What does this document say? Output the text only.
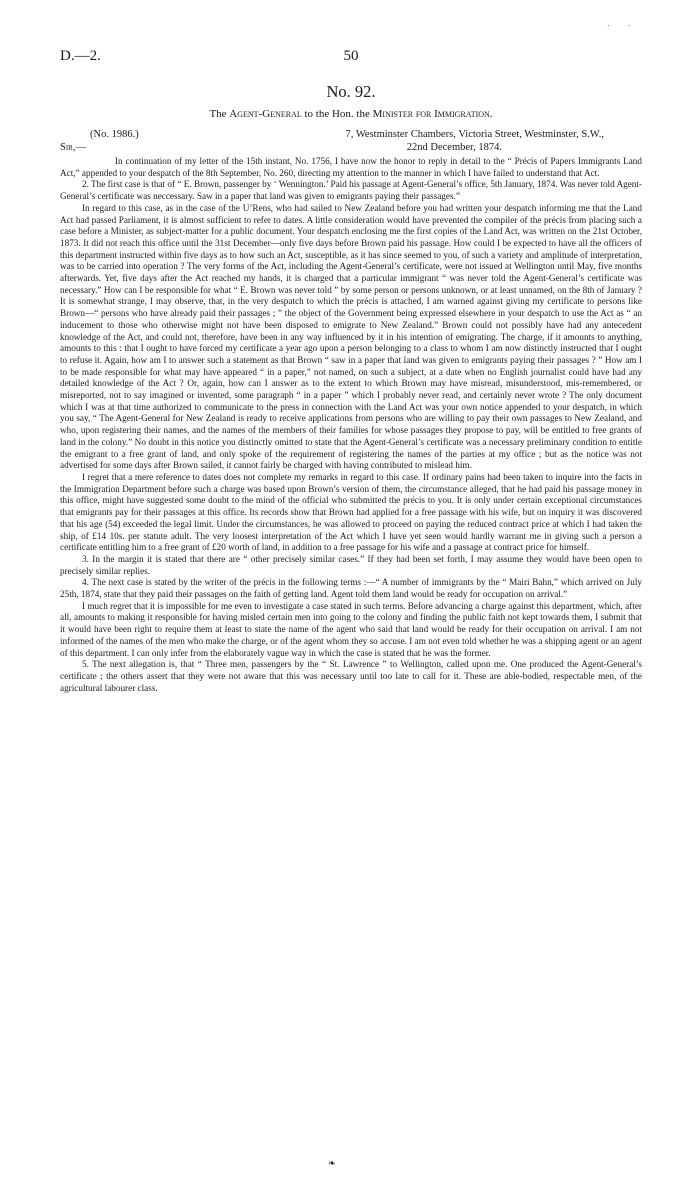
. .
D.—2.	50
No. 92.
The Agent-General to the Hon. the Minister for Immigration.
(No. 1986.)	7, Westminster Chambers, Victoria Street, Westminster, S.W.,
Sir,—	22nd December, 1874.

In continuation of my letter of the 15th instant, No. 1756, I have now the honor to reply in detail to the “ Précis of Papers Immigrants Land Act,” appended to your despatch of the 8th September, No. 260, directing my attention to the manner in which I have failed to understand that Act.

2. The first case is that of “ E. Brown, passenger by ‘ Wennington.’ Paid his passage at Agent-General’s office, 5th January, 1874. Was never told Agent-General’s certificate was neccessary. Saw in a paper that land was given to emigrants paying their passages.”

In regard to this case, as in the case of the U’Rens, who had sailed to New Zealand before you had written your despatch informing me that the Land Act had passed Parliament, it is almost sufficient to refer to dates. A little consideration would have prevented the compiler of the précis from placing such a case before a Minister, as subject-matter for a public document. Your despatch enclosing me the first copies of the Land Act, was written on the 21st October, 1873. It did not reach this office until the 31st December—only five days before Brown paid his passage. How could I be expected to have all the officers of this department instructed within five days as to how such an Act, susceptible, as it has since seemed to you, of such a variety and amplitude of interpretation, was to be carried into operation ? The very forms of the Act, including the Agent-General’s certificate, were not issued at Wellington until May, five months afterwards. Yet, five days after the Act reached my hands, it is charged that a particular immigrant “ was never told the Agent-General’s certificate was necessary.” How can I be responsible for what “ E. Brown was never told ” by some person or persons unknown, or at least unnamed, on the 8th of January ? It is somewhat strange, I may observe, that, in the very despatch to which the précis is attached, I am warned against giving my certificate to persons like Brown—“ persons who have already paid their passages ; ” the object of the Government being expressed elsewhere in your despatch to use the Act as “ an inducement to those who otherwise might not have been disposed to emigrate to New Zealand.” Brown could not possibly have had any antecedent knowledge of the Act, and could not, therefore, have been in any way influenced by it in his intention of emigrating. The charge, if it amounts to anything, amounts to this : that I ought to have forced my certificate a year ago upon a person belonging to a class to whom I am now distinctly instructed that I ought to refuse it. Again, how am I to answer such a statement as that Brown “ saw in a paper that land was given to emigrants paying their passages ? ” How am I to be made responsible for what may have appeared “ in a paper,” not named, on such a subject, at a date when no English journalist could have had any detailed knowledge of the Act ? Or, again, how can I answer as to the extent to which Brown may have misread, misunderstood, mis-remembered, or misreported, not to say imagined or invented, some paragraph “ in a paper ” which I probably never read, and certainly never wrote ? The only document which I was at that time authorized to communicate to the press in connection with the Land Act was your own notice appended to your despatch, in which you say, “ The Agent-General for New Zealand is ready to receive applications from persons who are willing to pay their own passages to New Zealand, and who, upon registering their names, and the names of the members of their families for whose passages they propose to pay, will be entitled to free grants of land in the colony.” No doubt in this notice you distinctly omitted to state that the Agent-General’s certificate was a necessary preliminary condition to entitle the emigrant to a free grant of land, and only spoke of the requirement of registering the names of the parties at my office ; but as the notice was not advertised for some days after Brown sailed, it cannot fairly be charged with having contributed to mislead him.

I regret that a mere reference to dates does not complete my remarks in regard to this case. If ordinary pains had been taken to inquire into the facts in the Immigration Department before such a charge was based upon Brown’s version of them, the circumstance alleged, that he had paid his passage money in this office, might have suggested some doubt to the mind of the official who submitted the précis to you. It is only under certain exceptional circumstances that emigrants pay for their passages at this office. Its records show that Brown had applied for a free passage with his wife, but on inquiry it was discovered that his age (54) exceeded the legal limit. Under the circumstances, he was allowed to proceed on paying the reduced contract price at which I had taken the ship, of £14 10s. per statute adult. The very loosest interpretation of the Act which I have yet seen would hardly warrant me in giving such a person a certificate entitling him to a free grant of £20 worth of land, in addition to a free passage for his wife and a passage at contract price for himself.

3. In the margin it is stated that there are “ other precisely similar cases.” If they had been set forth, I may assume they would have been open to precisely similar replies.

4. The next case is stated by the writer of the précis in the following terms :—“ A number of immigrants by the “ Mairi Bahn,” which arrived on July 25th, 1874, state that they paid their passages on the faith of getting land. Agent told them land would be ready for occupation on arrival.”

I much regret that it is impossible for me even to investigate a case stated in such terms. Before advancing a charge against this department, which, after all, amounts to making it responsible for having misled certain men into going to the colony and finding the public faith not kept towards them, I submit that it would have been right to require them at least to state the name of the agent who said that land would be ready for their occupation on arrival. I am not informed of the names of the men who make the charge, or of the agent whom they so accuse. I am not even told whether he was a shipping agent or an agent of this department. I can only infer from the elaborately vague way in which the case is stated that he was the former.

5. The next allegation is, that “ Three men, passengers by the “ St. Lawrence ” to Wellington, called upon me. One produced the Agent-General’s certificate ; the others assert that they were not aware that this was necessary until too late to call for it. These are able-bodied, respectable men, of the agricultural labourer class.

❧
